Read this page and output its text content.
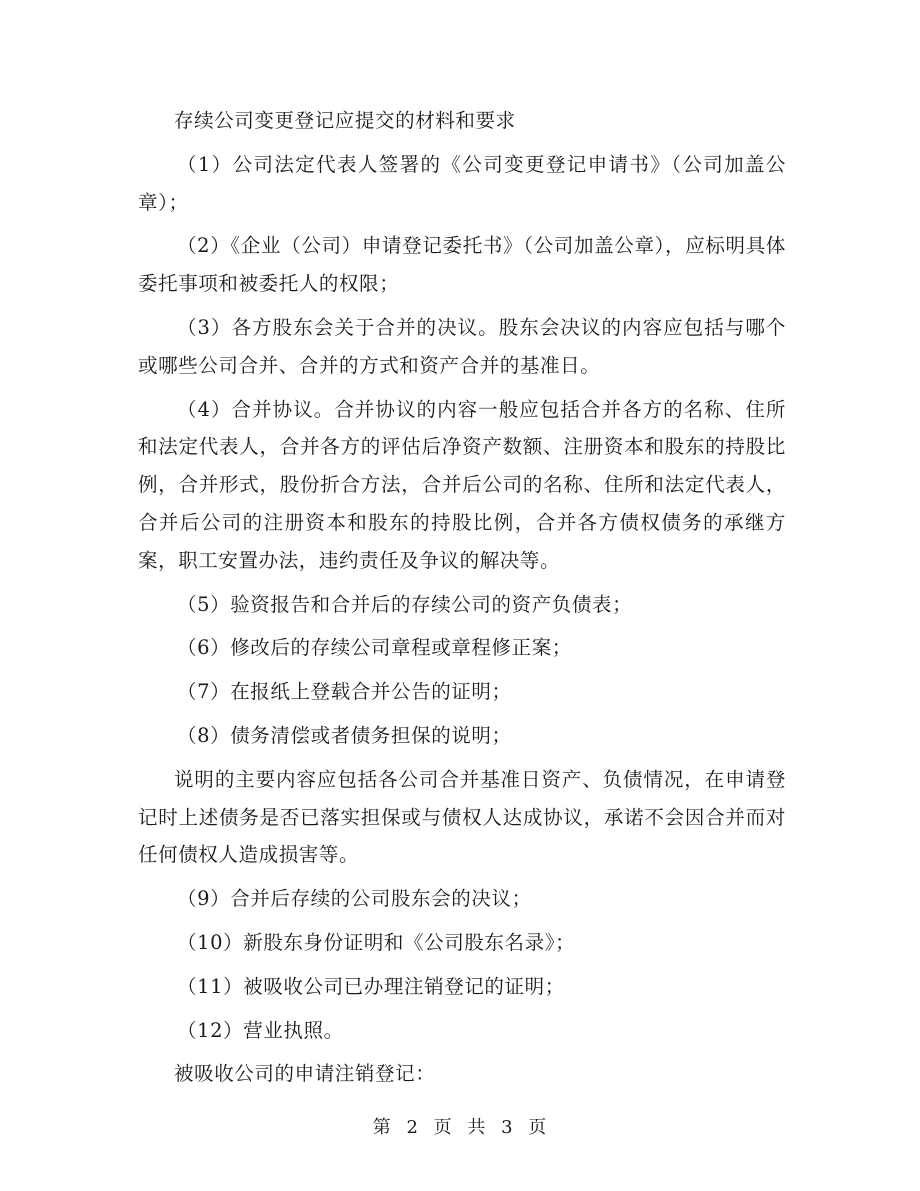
存续公司变更登记应提交的材料和要求

（1）公司法定代表人签署的《公司变更登记申请书》（公司加盖公章）；

（2）《企业（公司）申请登记委托书》（公司加盖公章），应标明具体委托事项和被委托人的权限；

（3）各方股东会关于合并的决议。股东会决议的内容应包括与哪个或哪些公司合并、合并的方式和资产合并的基准日。

（4）合并协议。合并协议的内容一般应包括合并各方的名称、住所和法定代表人，合并各方的评估后净资产数额、注册资本和股东的持股比例，合并形式，股份折合方法，合并后公司的名称、住所和法定代表人，合并后公司的注册资本和股东的持股比例，合并各方债权债务的承继方案，职工安置办法，违约责任及争议的解决等。

（5）验资报告和合并后的存续公司的资产负债表；

（6）修改后的存续公司章程或章程修正案；

（7）在报纸上登载合并公告的证明；

（8）债务清偿或者债务担保的说明；

说明的主要内容应包括各公司合并基准日资产、负债情况，在申请登记时上述债务是否已落实担保或与债权人达成协议，承诺不会因合并而对任何债权人造成损害等。

（9）合并后存续的公司股东会的决议；

（10）新股东身份证明和《公司股东名录》；

（11）被吸收公司已办理注销登记的证明；

（12）营业执照。

被吸收公司的申请注销登记：

第 2 页 共 3 页
